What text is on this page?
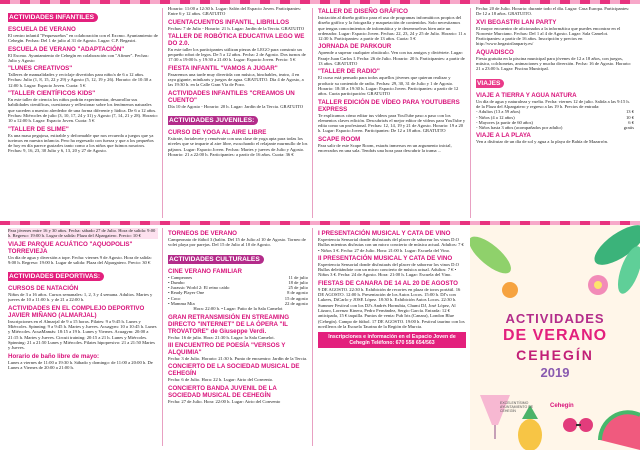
ACTIVIDADES INFANTILES
ESCUELA DE VERANO
El centro infantil "Pequesueños" en colaboración con el Excmo. Ayuntamiento de Cehegín. Fechas: Del 1 de julio al 31 de Agosto. Lugar: C.P. Begastri.
ESCUELA DE VERANO "ADAPTACIÓN"
El Excmo. Ayuntamiento de Cehegín en colaboración con "Afimer". Fechas: Julio y Agosto
"LUNES CREATIVOS"
Talleres de manualidades y reciclaje divertidos para niño/a de 6 a 12 años. Fechas: Julio (1, 8, 15, 22 y 29) y Agosto (5, 12, 19 y 26). Horario: de 10:30 a 12:00 h. Lugar: Espacio Joven. Cuota: 5 €
"TALLER CIENTÍFICOS KIDS"
En este taller de ciencia los niños podrán experimentar, desarrollar sus habilidades científicas, cuestionar y reflexionar sobre los fenómenos naturales que suceden a nuestro alrededor de una forma diferente y lúdica. De 6 a 12 años. Fechas: Miércoles de julio (3, 10, 17, 24 y 31) y Agosto (7, 14, 21 y 28). Horario: 10 a 12:00 h. Lugar: Espacio Joven. Cuota: 5 €
"TALLER DE SLIME"
Es una masa pegajosa, estirable y deformable que nos recuerda a juegos que ya tuvimos en nuestra infancia. Pero ha regresado con fuerza y que a los pequeños de hoy en día parece gustarles tanto como a los niños que fuimos nosotros. Fechas: 9, 16, 23, 30 Julio y 6, 13, 20 y 27 de Agosto.
Horario: 11:00 a 12:30 h. Lugar: Salón del Espacio Joven. Participantes: Entre 6 y 12 años. GRATUITO
CUENTACUENTOS INFANTIL, LIBRILLOS
Fechas: 7 de Julio - Horario: 21 h. Lugar: Jardín de la Tercia. GRATUITO
TALLER DE ROBÓTICA EDUCATIVA LEGO WE DO 2.0.
En este taller los participantes utilizan piezas de LEGO para construir un pequeño robot de legos. De 5 a 12 años. Fecha: 2 de Agosto. Dos turnos de 17:30 a 19:00 h. y 19:30 a 21:00 h. Lugar: Espacio Joven. Precio: 5 €
FIESTA INFANTIL "VAMOS A JUGAR"
Pasaremos una tarde muy divertida con música, hinchables, teatro, 4 en raya gigante, minikarts y juegos de agua. GRATUITO. Día 4 de Agosto, a las 19:30 h. en la Calle Gran Vía de Pozo.
ACTIVIDADES INFANTILES "CREAMOS UN CUENTO"
Día 10 de Agosto - Horario: 20 h. Lugar: Jardín de la Tercia. GRATUITO
ACTIVIDADES JUVENILES:
CURSO DE YOGA AL AIRE LIBRE
Estirate, fortalecete y renuévate con una clase de yoga apta para todas los niveles que se imparte al aire libre, escuchando el relajante murmullo de los pájaros. Lugar: Espacio Joven. Fechas: Martes y jueves de Julio y Agosto. Horario: 21 a 22:00 h. Participantes: a partir de 16 años. Cuota: 36 €
TALLER DE DISEÑO GRÁFICO
Iniciación al diseño gráfico para el uso de programas informáticos propios del diseño gráfico y la fotografía y maquetación de contenidos. Solo necesitamos que tengas conocimientos de informática y te desenvuelvas bien ante un ordenador. Lugar: Espacio Joven. Fechas: 22, 23, 24 y 25 de Julio. Horario: 11 a 12:30 h. Participantes: a partir de 13 años. Cuota: 5 €
JORNADA DE PARKOUR
Aprende a superar cualquier obstáculo. Ven con tus amigos y diviértete. Lugar: Paraje Juan Carlos I. Fecha: 26 de Julio. Horario: 20 h. Participantes: a partir de 13 años. GRATUITO
"TALLER DE RADIO"
El curso está pensado para todos aquellos jóvenes que quieran realizar y producir su contenido de radio. Fechas: 29, 30, 31 de Julio y 1 de Agosto. Horario: 18:30 a 19:30 h. Lugar: Espacio Joven. Participantes: a partir de 12 años. Cuota participación: GRATUITO
TALLER EDICIÓN DE VÍDEO PARA YOUTUBERS EXPRESS
Te explicamos cómo editar tus vídeos para YouTube paso a paso con los elementos claves edición. Descubrirás el mejor editor de vídeos para YouTube y edita como un profesional. Fechas: 12, 14, 19 y 21 de Agosto. Horario: 19 a 20 h. Lugar: Espacio Joven. Participantes: De 12 a 18 años. GRATUITO
SCAPE ROOM
Para salir de este Scape Room, estarás inmersos en un argumento inicial, encerrados en una sala. Tendrás una hora para descubrir la trama ...
Fecha: 20 de Julio. Horario: durante todo el día. Lugar: Casa Europa. Participantes: De 12 a 18 años. GRATUITO.
XVI BEGASTRI LAN PARTY
El mayor encuentro de aficionados a la informática que puedes encontrar en el Noroeste Murciano. Fechas: Del 1 al 4 de Agosto. Lugar: Sala Camelot. Participantes: a partir de 16 años. Inscripción y precios en http://www.begastrilanparty.es/
AQUADISCO
Fiesta gratuita en la piscina municipal para jóvenes de 12 a 18 años, con juegos, música, colchonetas, animaciones y mucha diversión. Fecha: 16 de Agosto. Horario: 21 a 23:00 h. Lugar: Piscina Municipal.
VIAJES
VIAJE A TIERRA Y AGUA NATURA
Un día de agua y naturaleza y vuelta. Fecha: viernes 12 de julio. Salida a las 9:15 h. de la Plaza del Alpargatero y regreso a las 19 h. Precios de entrada:
- Adultos (13 a 59 años)	13 €
- Niños (4 a 12 años)	10 €
- Mayores (a partir de 60 años)	6 €
- Niños hasta 3 años (acompañados por adulto)	gratis
VIAJE A LA PLAYA
Ven a disfrutar de un día de sol y agua a la playa de Bahía de Mazarrón.
Para jóvenes entre 16 y 30 años. Fecha: sábado 27 de Julio. Hora de salida: 9:00 h. Regreso: 19:00 h. Lugar de salida: Plaza del Alpargatero. Precio: 10 €
VIAJE PARQUE ACUÁTICO "AQUOPOLIS" TORREVIEJA
Un día de agua y diversión a tope. Fecha: viernes 9 de Agosto. Hora de salida: 9:00 h. Regreso: 19:00 h. Lugar de salida: Plaza del Alpargatero. Precio: 30 €
ACTIVIDADES DEPORTIVAS:
CURSOS DE NATACIÓN
Niños de 3 a 16 años. Cursos semanales: 1, 2, 3 y 4 semana. Adultos. Martes y jueves de 10 a 11:00 h. y de 21 a 22:00 h.
ACTIVIDADES EN EL COMPLEJO DEPORTIVO JAVIER MIÑANO (ALMARJAL)
Inscripciones en el Almarjal de 9 a 15 horas. Pilates: 9 a 9:45 h. Lunes y Miércoles. Spinning: 9 a 9:45 h. Martes y Jueves. Acuagym: 10 a 10:45 h. Lunes y Miércoles. AcuaMamás: 18:15 a 19 h. Lunes y Viernes. Acuagym: 20:00 a 21:15 h. Martes y Jueves. Circuit training: 20:15 a 21 h. Lunes y Miércoles. Spinning: 21 a 21:50 Lunes y Miércoles. Pilates hipopresivo: 21 a 21:50 Martes y Jueves.
Horario de baño libre de mayo:
Lunes a viernes de 11:00 a 19:30 h. Sábado y domingo: de 11:00 a 20:00 h. De Lunes a Viernes de 20:00 a 21:00 h.
TORNEOS DE VERANO
Campeonato de fútbol 3 (balón. Del 15 de Julio al 10 de Agosto. Torneo de volei playa por parejas. Del 15 de Julio al 10 de Agosto.
ACTIVIDADES CULTURALES
CINE VERANO FAMILIAR
• Campeones	11 de julio
• Dumbo	18 de julio
• Jurassic World 2: El reino caído	25 de julio
• Ready Player One	8 de agosto
• Coco	15 de agosto
• Mamma Mia	22 de agosto
Hora: 22:00 h. • Lugar: Patio de la Sala Camelot
GRAN RETRANSMISIÓN EN STREAMING DIRECTO "INTERNET" DE LA ÓPERA "IL TROVATORE" de Giuseppe Verdi.
Fecha: 16 de julio. Hora: 21:30 h. Lugar: la Sala Camelot.
III ENCUENTRO DE POESÍA "VERSOS Y ALQUIMIA"
Fecha: 3 de Julio. Horario: 21:30 h. Punto de encuentro: Jardín de la Tercia.
CONCIERTO DE LA SOCIEDAD MUSICAL DE CEHEGÍN
Fecha: 6 de Julio. Hora: 22 h. Lugar: Atrio del Convento.
CONCIERTO BANDA JUVENIL DE LA SOCIEDAD MUSICAL DE CEHEGÍN
Fecha: 27 de Julio. Hora: 22:00 h. Lugar: Atrio del Convento
I PRESENTACIÓN MUSICAL Y CATA DE VINO
Experiencia Sensorial donde disfrutarás del placer de saborear los vinos D.O Bullas mientras disfrutas con un micro concierto de música actual. Adultos: 7 € • Niños 3 €. Fecha: 27 de Julio. Hora: 21:00 h. Lugar: Escuela del Vino.
II PRESENTACIÓN MUSICAL Y CATA DE VINO
Experiencia Sensorial donde disfrutarás del placer de saborear los vinos D.O Bullas deleitándote con un micro concierto de música actual. Adultos: 7 € • Niños 3 €. Fecha: 24 de Agosto. Hora: 21:00 h. Lugar: Escuela del Vino.
FIESTAS DE CANARA DE 14 AL 20 DE AGOSTO
9 DE AGOSTO. 22:30 h. Exhibición de recortes en plaza de toros portátil. 16 DE AGOSTO. 12:00 h. Presentación de los Autos Locos. 15:00 h. DJ's con Lukees, DiCarlo y JOSE López. 18:30 h. Exhibición Autos Locos. 22:30 h. Summer Festival con los DJ's Andrés Hornubia, Chumi DJ, José López, Al Lázaro, Lorenzo Kinera, Pedro Fernández, Sergio García. Entrada: 12 € anticipada, 15 € taquilla. Puntos de venta: Pub Iris (Canara), London Blue (Cehegín). Campo de fútbol. 17 DE AGOSTO. 19:00 h. Festival taurino con los novilleros de la Escuela Taurina de la Región de Murcia.
Inscripciones e información en el Espacio Joven de Cehegín Teléfono: 670 558 654/563
ACTIVIDADES
DE VERANO
CEHEGÍN
2019
EXCELENTÍSIMO AYUNTAMIENTO DE CEHEGÍN
Cehegín
